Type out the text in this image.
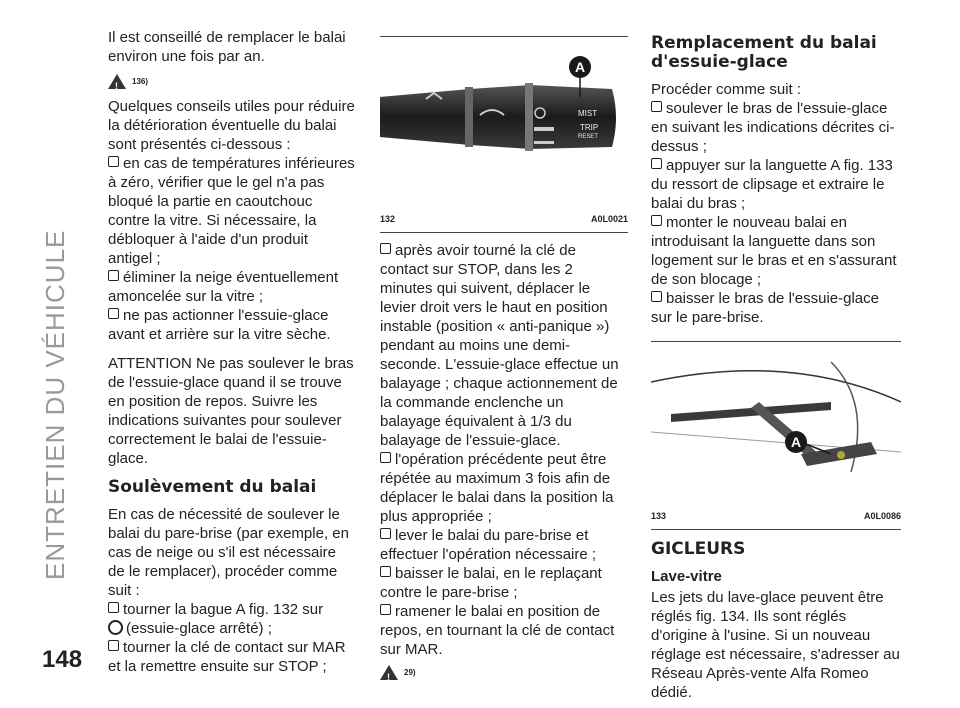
ENTRETIEN DU VÉHICULE
148

Il est conseillé de remplacer le balai environ une fois par an.

!
136)

Quelques conseils utiles pour réduire la détérioration éventuelle du balai sont présentés ci-dessous :

en cas de températures inférieures à zéro, vérifier que le gel n'a pas bloqué la partie en caoutchouc contre la vitre. Si nécessaire, la débloquer à l'aide d'un produit antigel ;

éliminer la neige éventuellement amoncelée sur la vitre ;

ne pas actionner l'essuie-glace avant et arrière sur la vitre sèche.

ATTENTION Ne pas soulever le bras de l'essuie-glace quand il se trouve en position de repos. Suivre les indications suivantes pour soulever correctement le balai de l'essuie-glace.

Soulèvement du balai

En cas de nécessité de soulever le balai du pare-brise (par exemple, en cas de neige ou s'il est nécessaire de le remplacer), procéder comme suit :

tourner la bague A fig. 132 sur
(essuie-glace arrêté) ;

tourner la clé de contact sur MAR et la remettre ensuite sur STOP ;

A
MIST
TRIP
RESET
132	A0L0021

après avoir tourné la clé de contact sur STOP, dans les 2 minutes qui suivent, déplacer le levier droit vers le haut en position instable (position « anti-panique ») pendant au moins une demi-seconde. L'essuie-glace effectue un balayage ; chaque actionnement de la commande enclenche un balayage équivalent à 1/3 du balayage de l'essuie-glace.

l'opération précédente peut être répétée au maximum 3 fois afin de déplacer le balai dans la position la plus appropriée ;

lever le balai du pare-brise et effectuer l'opération nécessaire ;

baisser le balai, en le replaçant contre le pare-brise ;

ramener le balai en position de repos, en tournant la clé de contact sur MAR.

!
29)
Remplacement du balai d'essuie-glace

Procéder comme suit :

soulever le bras de l'essuie-glace en suivant les indications décrites ci-dessus ;

appuyer sur la languette A fig. 133 du ressort de clipsage et extraire le balai du bras ;

monter le nouveau balai en introduisant la languette dans son logement sur le bras et en s'assurant de son blocage ;

baisser le bras de l'essuie-glace sur le pare-brise.

A
133	A0L0086
GICLEURS
Lave-vitre

Les jets du lave-glace peuvent être réglés fig. 134. Ils sont réglés d'origine à l'usine. Si un nouveau réglage est nécessaire, s'adresser au Réseau Après-vente Alfa Romeo dédié.
